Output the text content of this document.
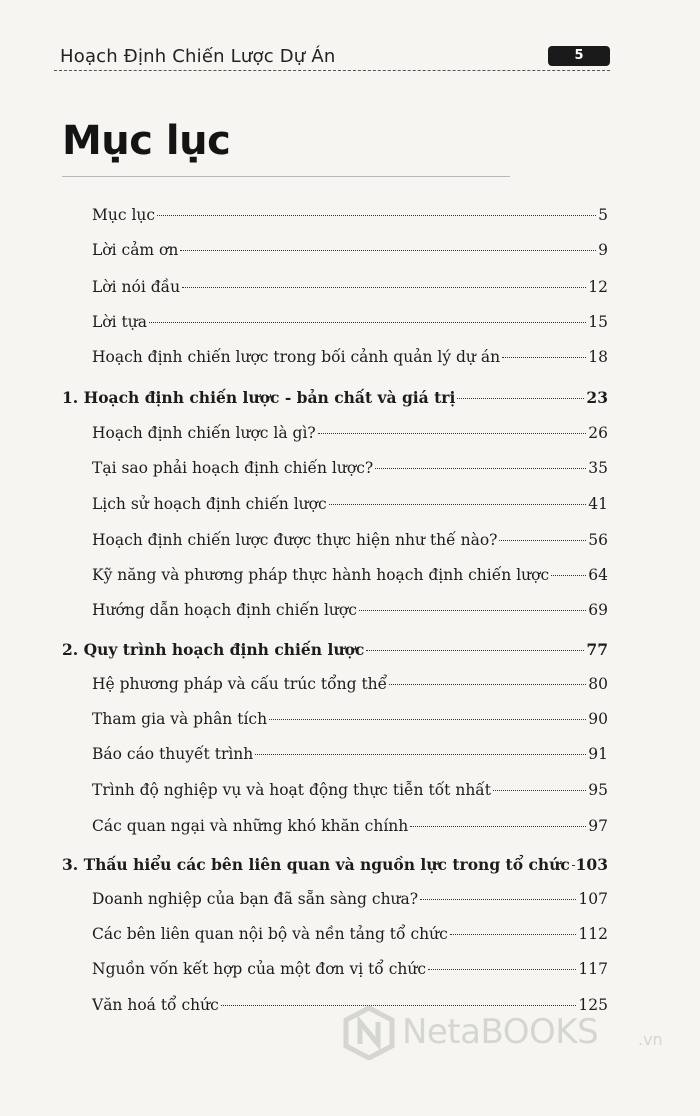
Hoạch Định Chiến Lược Dự Án	5
Mục lục
Mục lục	5
Lời cảm ơn	9
Lời nói đầu	12
Lời tựa	15
Hoạch định chiến lược trong bối cảnh quản lý dự án	18
1. Hoạch định chiến lược - bản chất và giá trị	23
Hoạch định chiến lược là gì?	26
Tại sao phải hoạch định chiến lược?	35
Lịch sử hoạch định chiến lược	41
Hoạch định chiến lược được thực hiện như thế nào?	56
Kỹ năng và phương pháp thực hành hoạch định chiến lược	64
Hướng dẫn hoạch định chiến lược	69
2. Quy trình hoạch định chiến lược	77
Hệ phương pháp và cấu trúc tổng thể	80
Tham gia và phân tích	90
Báo cáo thuyết trình	91
Trình độ nghiệp vụ và hoạt động thực tiễn tốt nhất	95
Các quan ngại và những khó khăn chính	97
3. Thấu hiểu các bên liên quan và nguồn lực trong tổ chức 103
Doanh nghiệp của bạn đã sẵn sàng chưa?	107
Các bên liên quan nội bộ và nền tảng tổ chức	112
Nguồn vốn kết hợp của một đơn vị tổ chức	117
Văn hoá tổ chức	125
NetaBOOKS .vn
